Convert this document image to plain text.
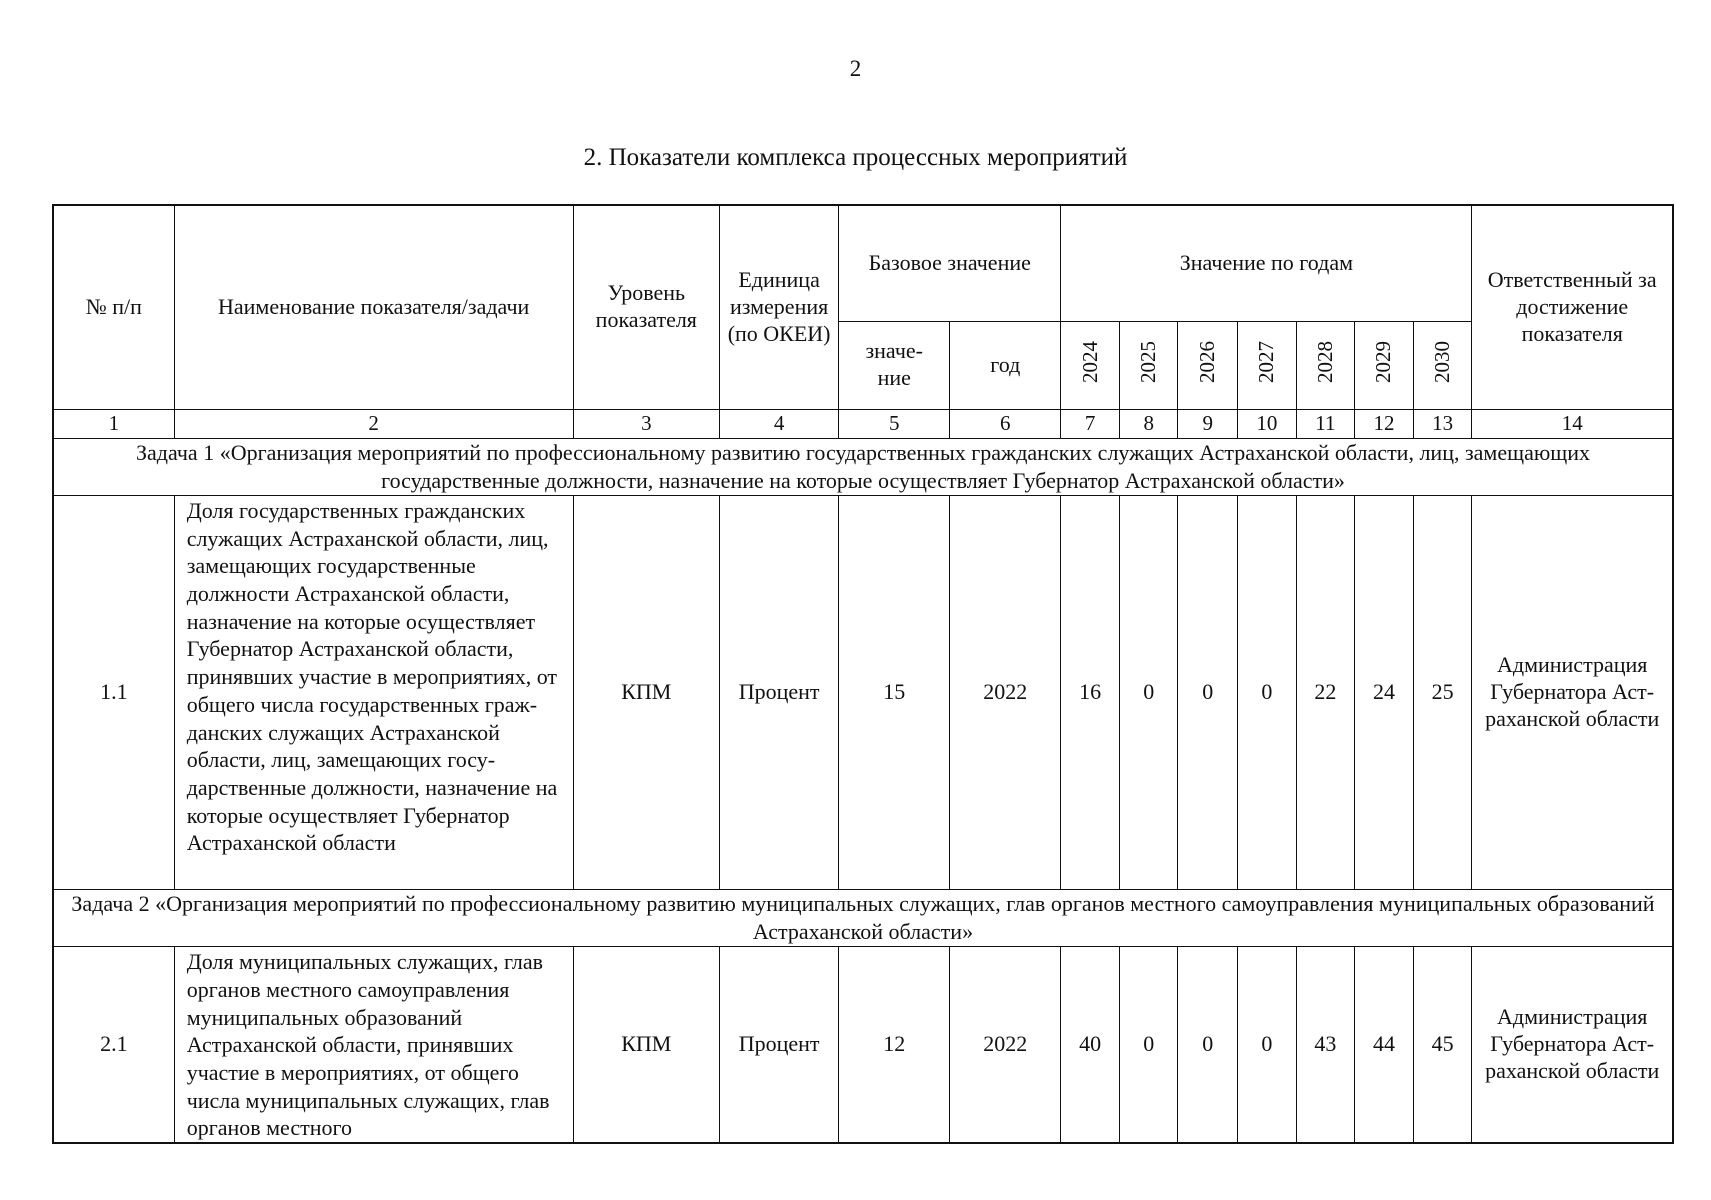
2
2. Показатели комплекса процессных мероприятий
№ п/п	Наименование показателя/задачи	Уровень показателя	Единица измерения (по ОКЕИ)	Базовое значение		Значение по годам							Ответственный за достижение показателя

				значение	год	2024	2025	2026	2027	2028	2029	2030	
1	2	3	4	5	6	7	8	9	10	11	12	13	14
Задача 1 «Организация мероприятий по профессиональному развитию государственных гражданских служащих Астраханской области, лиц, замещающих государственные должности, назначение на которые осуществляет Губернатор Астраханской области»													
1.1	Доля государственных гражданских служащих Астраханской области, лиц, замещающих государственные должности Астраханской области, назначение на которые осуществляет Губернатор Астраханской области, принявших участие в мероприятиях, от общего числа государственных гражданских служащих Астраханской области, лиц, замещающих государственные должности, назначение на которые осуществляет Губернатор Астраханской области	КПМ	Процент	15	2022	16	0	0	0	22	24	25	Администрация Губернатора Астраханской области
Задача 2 «Организация мероприятий по профессиональному развитию муниципальных служащих, глав органов местного самоуправления муниципальных образований Астраханской области»													
2.1	Доля муниципальных служащих, глав органов местного самоуправления муниципальных образований Астраханской области, принявших участие в мероприятиях, от общего числа муниципальных служащих, глав органов местного	КПМ	Процент	12	2022	40	0	0	0	43	44	45	Администрация Губернатора Астраханской области
